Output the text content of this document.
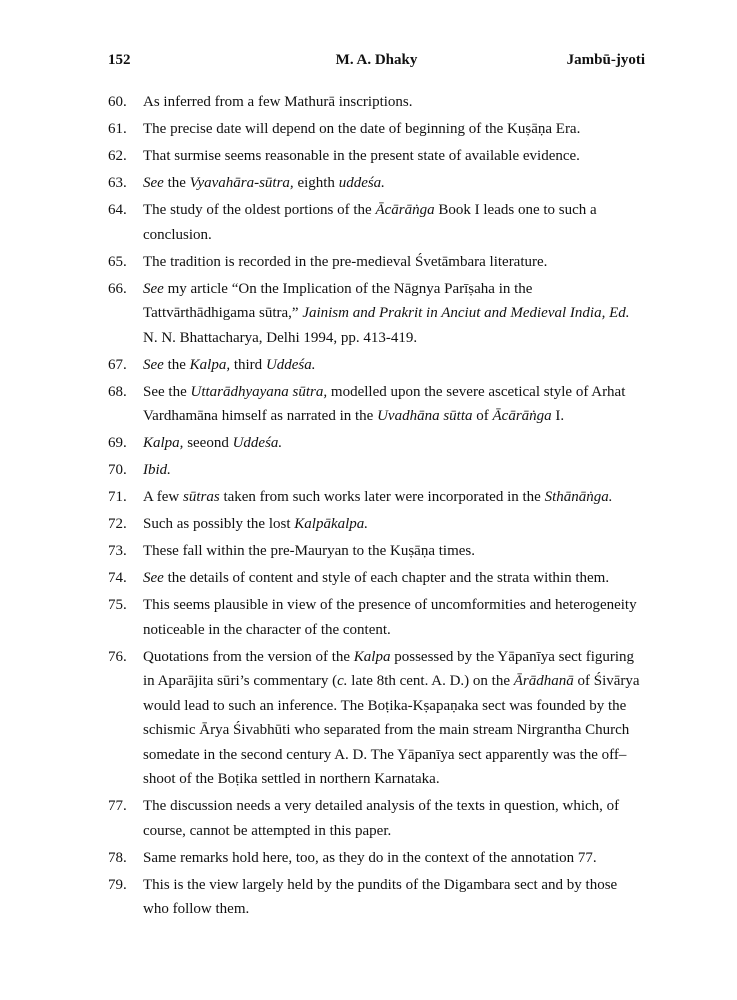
152	M. A. Dhaky	Jambū-jyoti
60. As inferred from a few Mathurā inscriptions.
61. The precise date will depend on the date of beginning of the Kuṣāṇa Era.
62. That surmise seems reasonable in the present state of available evidence.
63. See the Vyavahāra-sūtra, eighth uddeśa.
64. The study of the oldest portions of the Ācārāṅga Book I leads one to such a conclusion.
65. The tradition is recorded in the pre-medieval Śvetāmbara literature.
66. See my article “On the Implication of the Nāgnya Parīṣaha in the Tattvārthādhigama sūtra,” Jainism and Prakrit in Anciut and Medieval India, Ed. N. N. Bhattacharya, Delhi 1994, pp. 413-419.
67. See the Kalpa, third Uddeśa.
68. See the Uttarādhyayana sūtra, modelled upon the severe ascetical style of Arhat Vardhamāna himself as narrated in the Uvadhāna sūtta of Ācārāṅga I.
69. Kalpa, seeond Uddeśa.
70. Ibid.
71. A few sūtras taken from such works later were incorporated in the Sthānāṅga.
72. Such as possibly the lost Kalpākalpa.
73. These fall within the pre-Mauryan to the Kuṣāṇa times.
74. See the details of content and style of each chapter and the strata within them.
75. This seems plausible in view of the presence of uncomformities and heterogeneity noticeable in the character of the content.
76. Quotations from the version of the Kalpa possessed by the Yāpanīya sect figuring in Aparājita sūri’s commentary (c. late 8th cent. A. D.) on the Ārādhanā of Śivārya would lead to such an inference. The Boṭika-Kṣapaṇaka sect was founded by the schismic Ārya Śivabhūti who separated from the main stream Nirgrantha Church somedate in the second century A. D. The Yāpanīya sect apparently was the off–shoot of the Boṭika settled in northern Karnataka.
77. The discussion needs a very detailed analysis of the texts in question, which, of course, cannot be attempted in this paper.
78. Same remarks hold here, too, as they do in the context of the annotation 77.
79. This is the view largely held by the pundits of the Digambara sect and by those who follow them.
